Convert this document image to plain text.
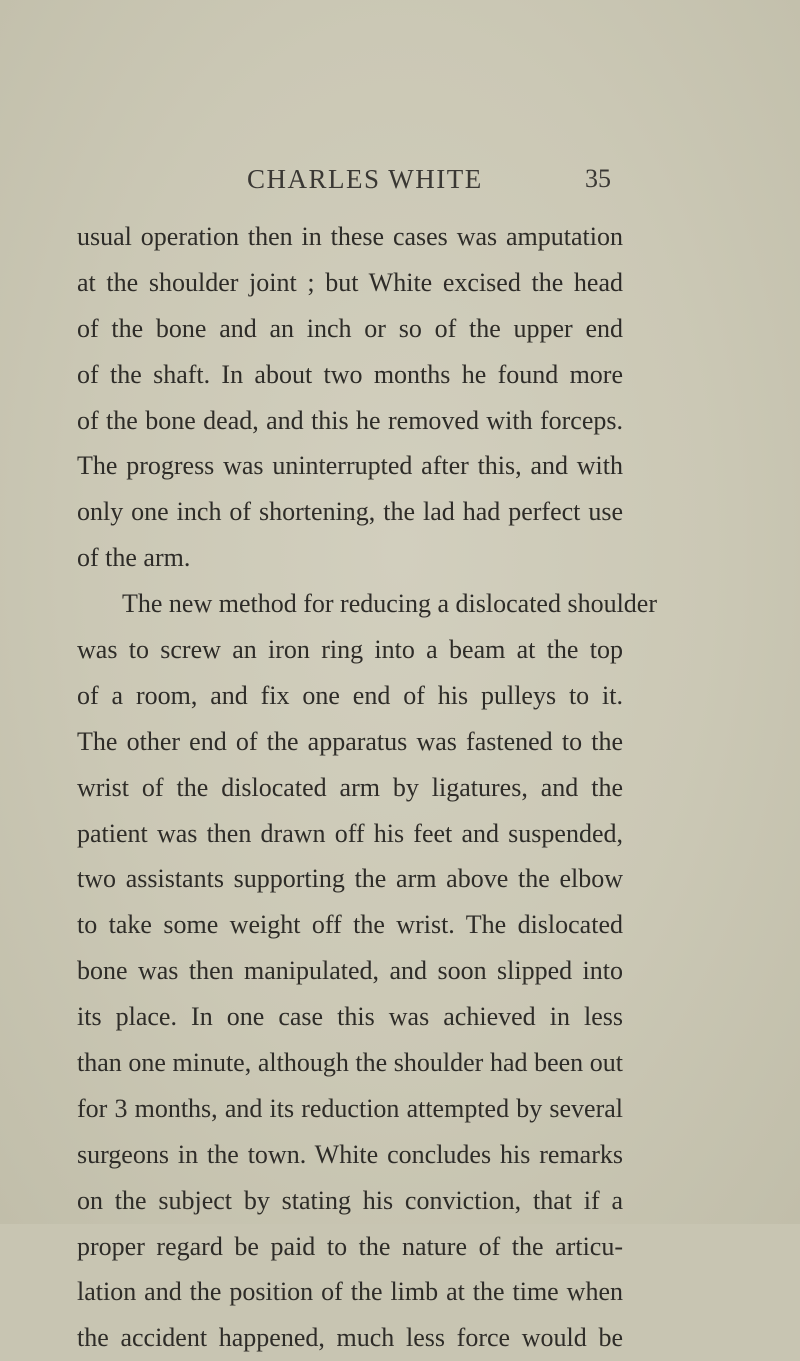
CHARLES WHITE	35
usual operation then in these cases was amputation
at the shoulder joint ; but White excised the head
of the bone and an inch or so of the upper end
of the shaft. In about two months he found more
of the bone dead, and this he removed with forceps.
The progress was uninterrupted after this, and with
only one inch of shortening, the lad had perfect use
of the arm.
The new method for reducing a dislocated shoulder
was to screw an iron ring into a beam at the top
of a room, and fix one end of his pulleys to it.
The other end of the apparatus was fastened to the
wrist of the dislocated arm by ligatures, and the
patient was then drawn off his feet and suspended,
two assistants supporting the arm above the elbow
to take some weight off the wrist. The dislocated
bone was then manipulated, and soon slipped into
its place. In one case this was achieved in less
than one minute, although the shoulder had been out
for 3 months, and its reduction attempted by several
surgeons in the town. White concludes his remarks
on the subject by stating his conviction, that if a
proper regard be paid to the nature of the articu-
lation and the position of the limb at the time when
the accident happened, much less force would be
